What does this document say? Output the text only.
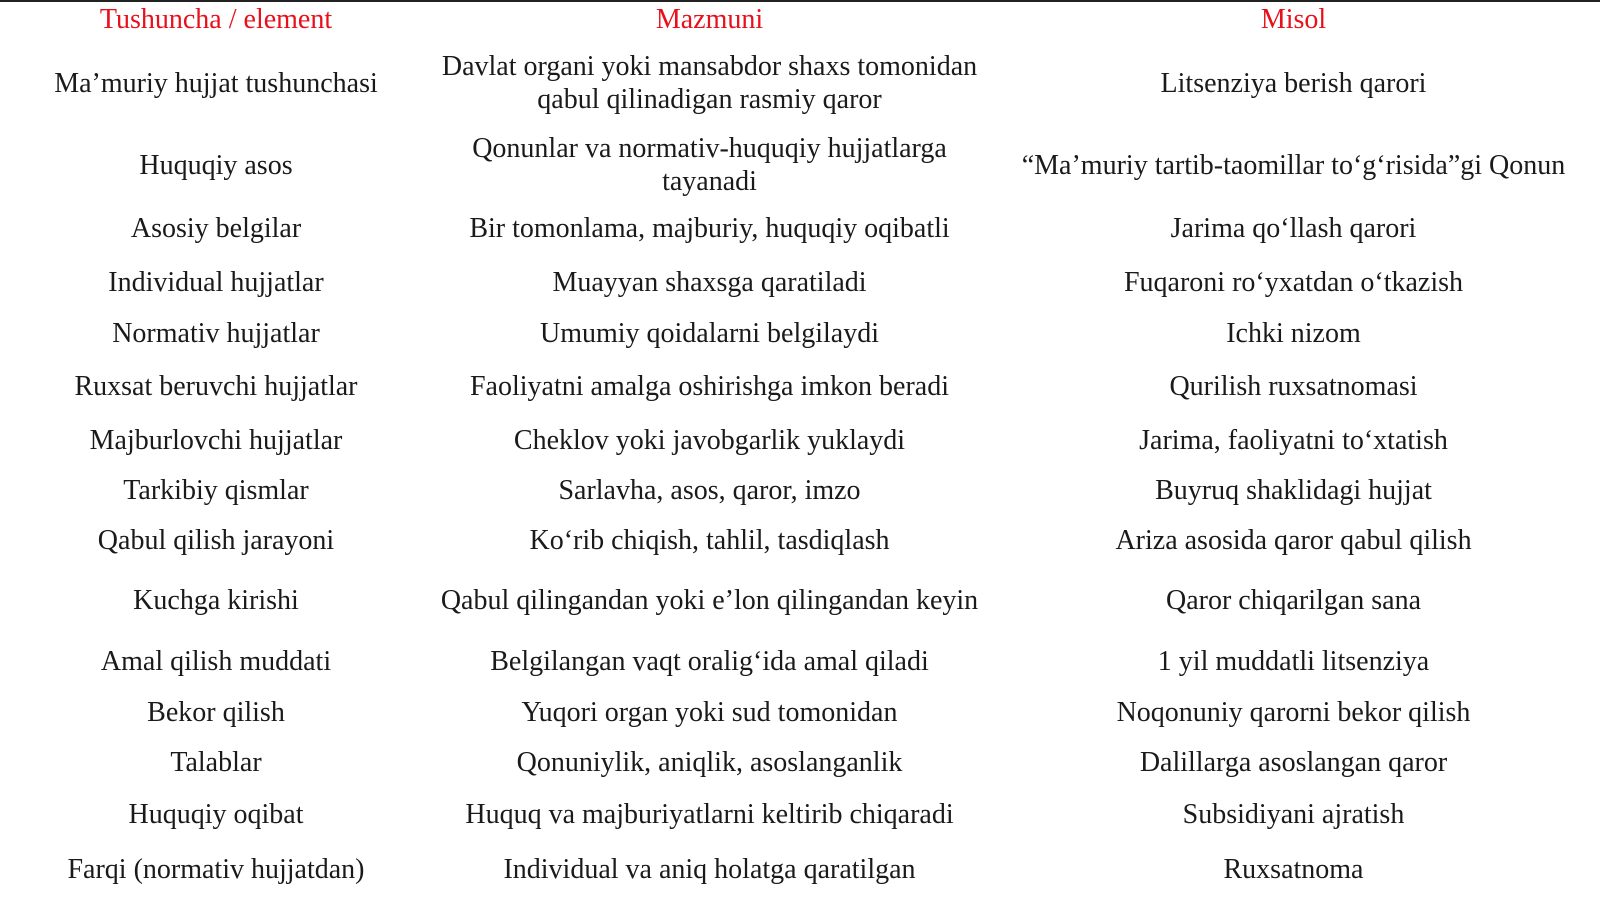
Tushuncha / element	Mazmuni	Misol
Ma’muriy hujjat tushunchasi	Davlat organi yoki mansabdor shaxs tomonidan qabul qilinadigan rasmiy qaror	Litsenziya berish qarori
Huquqiy asos	Qonunlar va normativ-huquqiy hujjatlarga tayanadi	“Ma’muriy tartib-taomillar to‘g‘risida”gi Qonun
Asosiy belgilar	Bir tomonlama, majburiy, huquqiy oqibatli	Jarima qo‘llash qarori
Individual hujjatlar	Muayyan shaxsga qaratiladi	Fuqaroni ro‘yxatdan o‘tkazish
Normativ hujjatlar	Umumiy qoidalarni belgilaydi	Ichki nizom
Ruxsat beruvchi hujjatlar	Faoliyatni amalga oshirishga imkon beradi	Qurilish ruxsatnomasi
Majburlovchi hujjatlar	Cheklov yoki javobgarlik yuklaydi	Jarima, faoliyatni to‘xtatish
Tarkibiy qismlar	Sarlavha, asos, qaror, imzo	Buyruq shaklidagi hujjat
Qabul qilish jarayoni	Ko‘rib chiqish, tahlil, tasdiqlash	Ariza asosida qaror qabul qilish
Kuchga kirishi	Qabul qilingandan yoki e’lon qilingandan keyin	Qaror chiqarilgan sana
Amal qilish muddati	Belgilangan vaqt oralig‘ida amal qiladi	1 yil muddatli litsenziya
Bekor qilish	Yuqori organ yoki sud tomonidan	Noqonuniy qarorni bekor qilish
Talablar	Qonuniylik, aniqlik, asoslanganlik	Dalillarga asoslangan qaror
Huquqiy oqibat	Huquq va majburiyatlarni keltirib chiqaradi	Subsidiyani ajratish
Farqi (normativ hujjatdan)	Individual va aniq holatga qaratilgan	Ruxsatnoma
